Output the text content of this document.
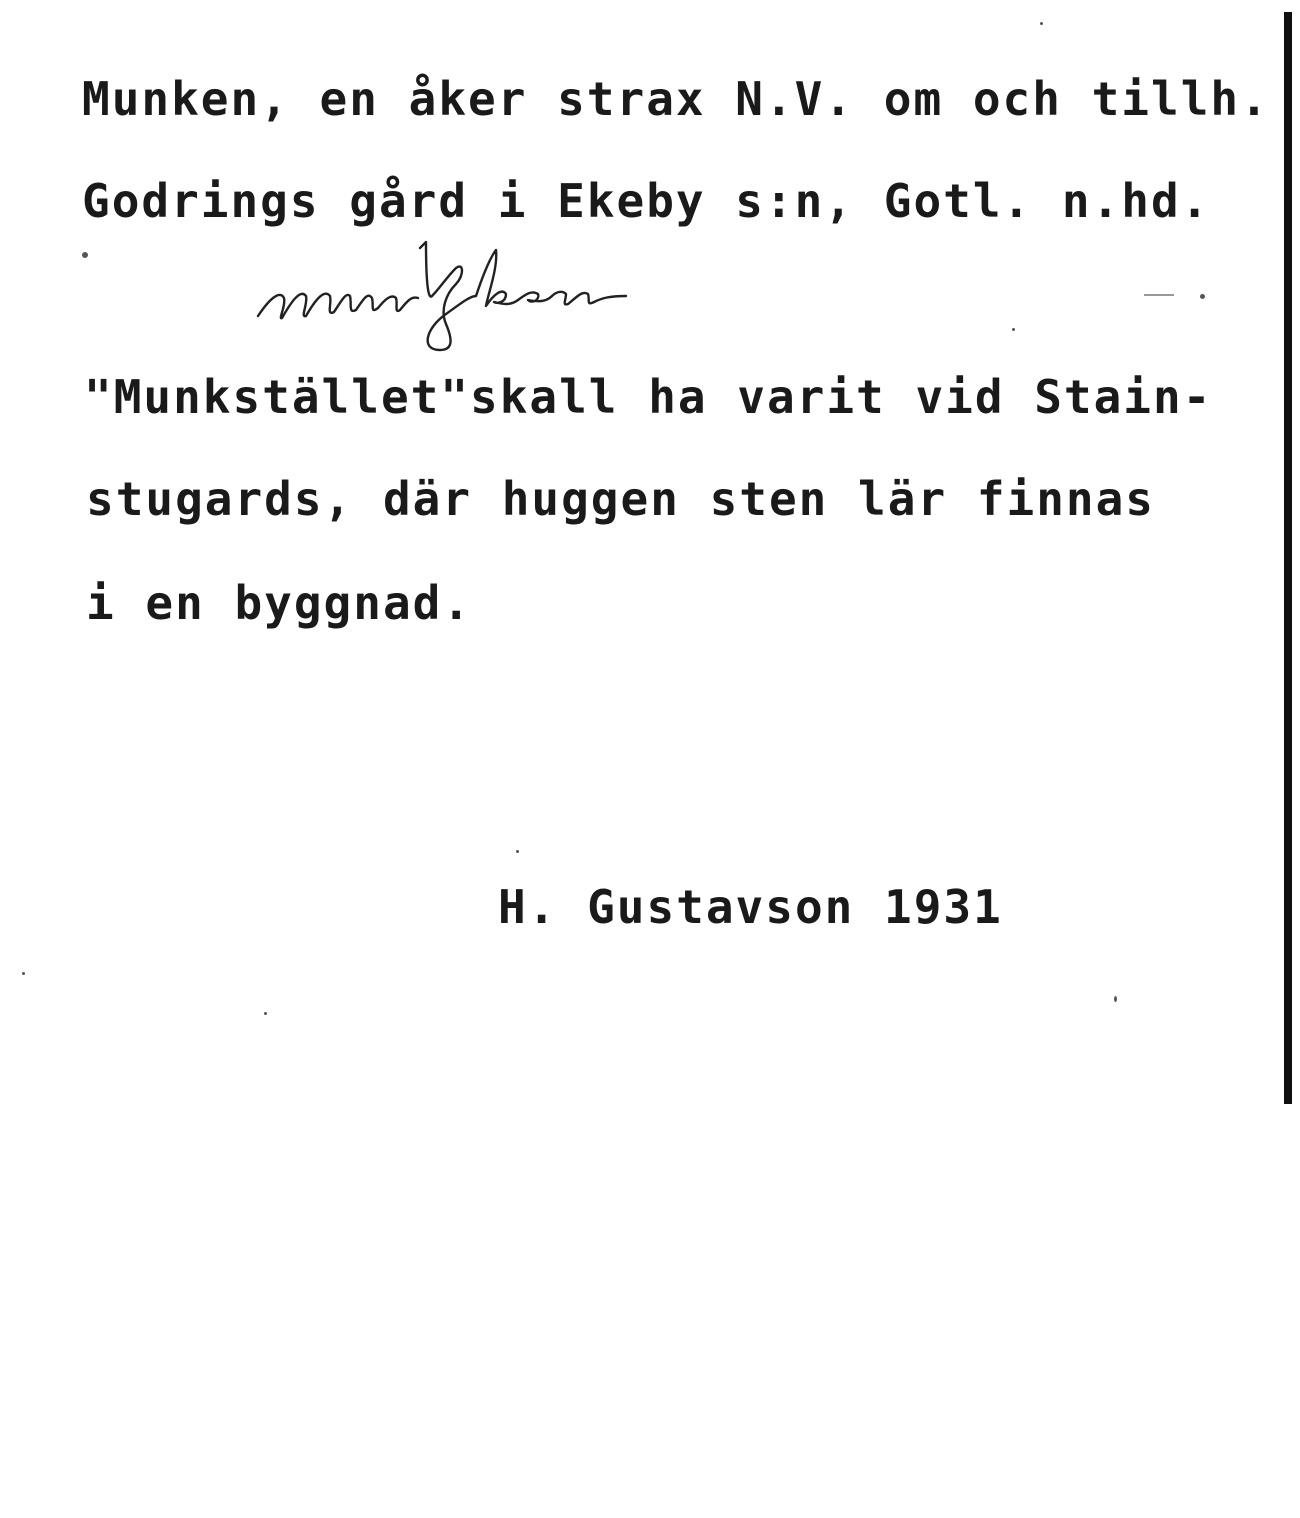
Munken, en åker strax N.V. om och tillh.
Godrings gård i Ekeby s:n, Gotl. n.hd.
"Munkstället"skall ha varit vid Stain-
stugards, där huggen sten lär finnas
i en byggnad.
H. Gustavson 1931
